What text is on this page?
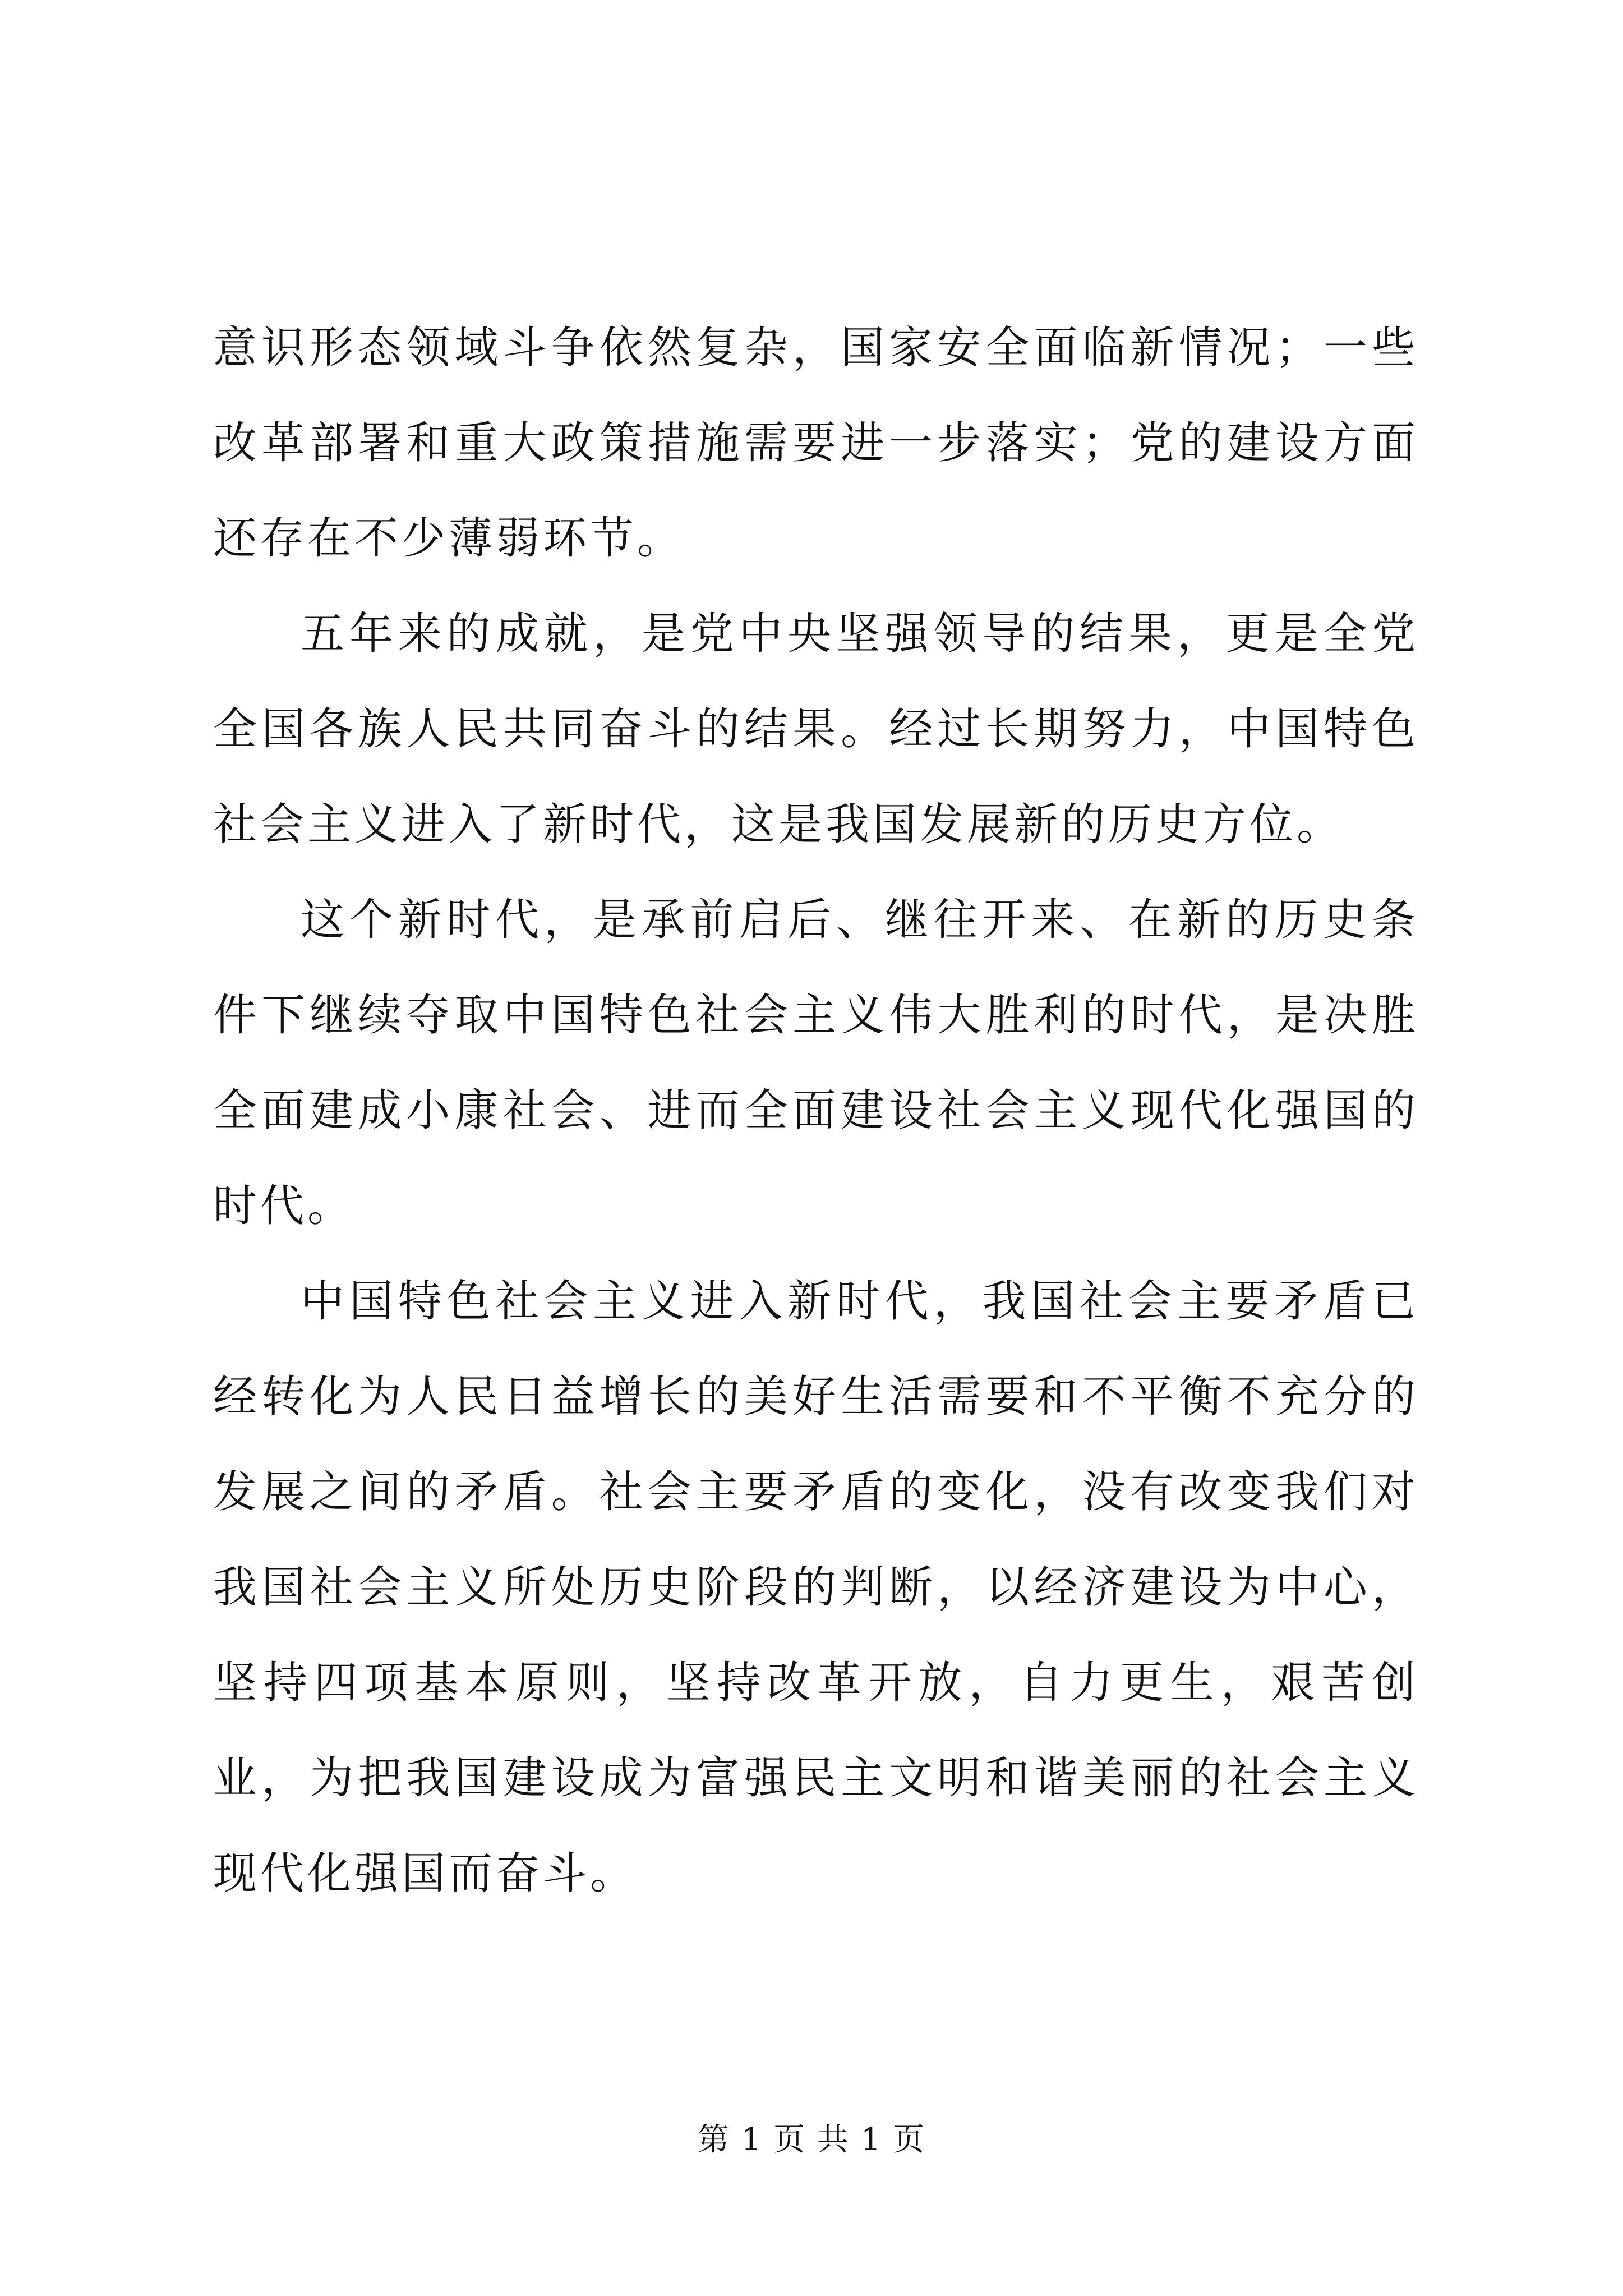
意识形态领域斗争依然复杂，国家安全面临新情况；一些改革部署和重大政策措施需要进一步落实；党的建设方面还存在不少薄弱环节。

五年来的成就，是党中央坚强领导的结果，更是全党全国各族人民共同奋斗的结果。经过长期努力，中国特色社会主义进入了新时代，这是我国发展新的历史方位。

这个新时代，是承前启后、继往开来、在新的历史条件下继续夺取中国特色社会主义伟大胜利的时代，是决胜全面建成小康社会、进而全面建设社会主义现代化强国的时代。

中国特色社会主义进入新时代，我国社会主要矛盾已经转化为人民日益增长的美好生活需要和不平衡不充分的发展之间的矛盾。社会主要矛盾的变化，没有改变我们对我国社会主义所处历史阶段的判断，以经济建设为中心，坚持四项基本原则，坚持改革开放，自力更生，艰苦创业，为把我国建设成为富强民主文明和谐美丽的社会主义现代化强国而奋斗。

第 1 页 共 1 页
